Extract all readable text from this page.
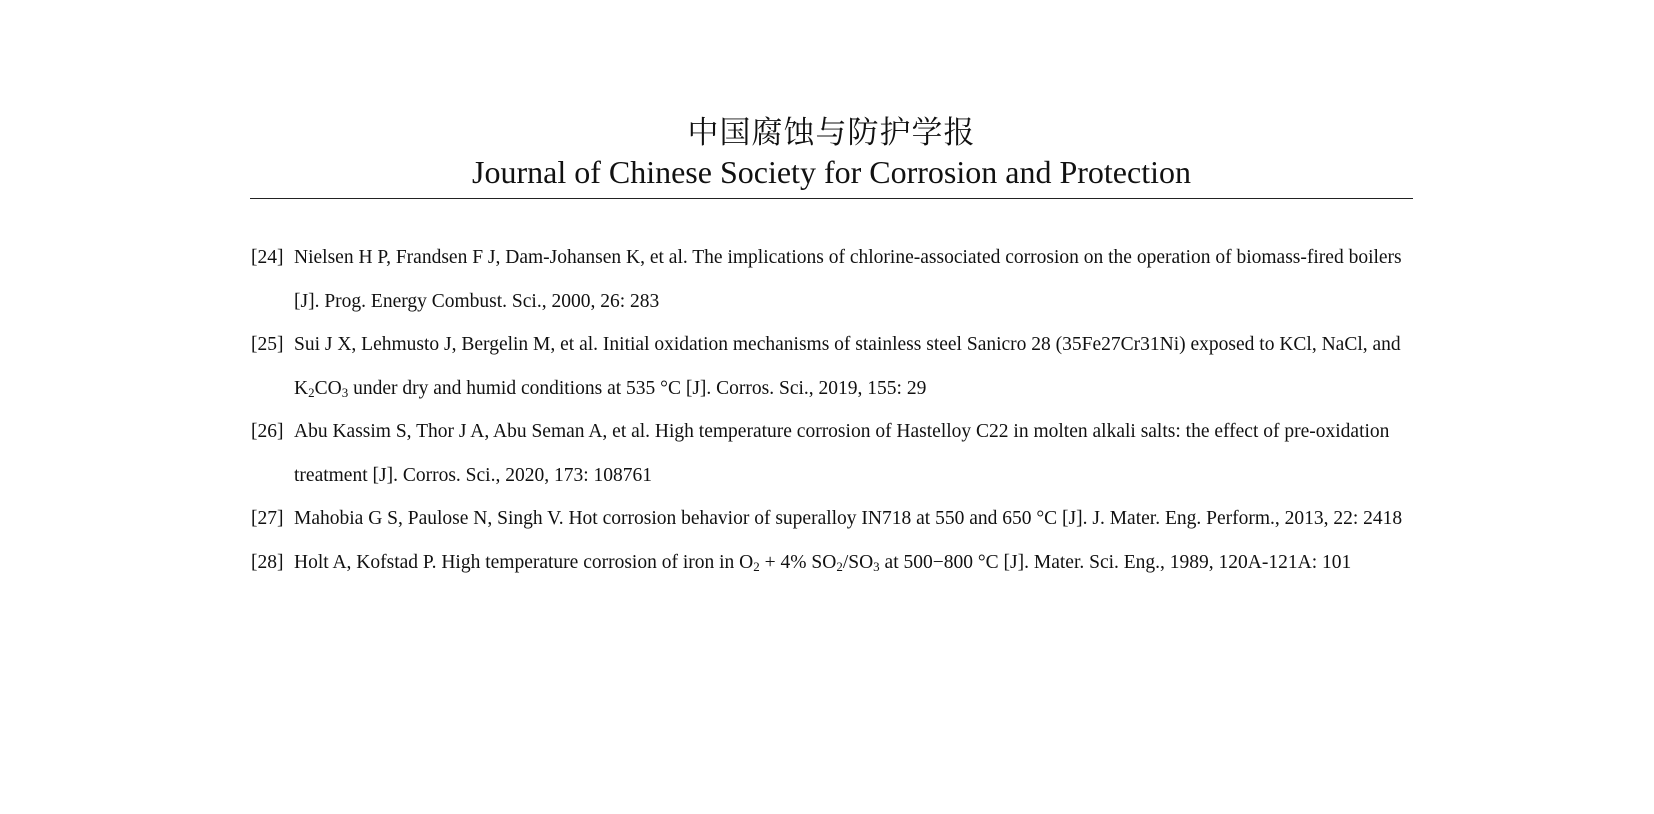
中国腐蚀与防护学报
Journal of Chinese Society for Corrosion and Protection
[24] Nielsen H P, Frandsen F J, Dam-Johansen K, et al. The implications of chlorine-associated corrosion on the operation of biomass-fired boilers [J]. Prog. Energy Combust. Sci., 2000, 26: 283
[25] Sui J X, Lehmusto J, Bergelin M, et al. Initial oxidation mechanisms of stainless steel Sanicro 28 (35Fe27Cr31Ni) exposed to KCl, NaCl, and $K_2CO_3$ under dry and humid conditions at 535 °C [J]. Corros. Sci., 2019, 155: 29
[26] Abu Kassim S, Thor J A, Abu Seman A, et al. High temperature corrosion of Hastelloy C22 in molten alkali salts: the effect of pre-oxidation treatment [J]. Corros. Sci., 2020, 173: 108761
[27] Mahobia G S, Paulose N, Singh V. Hot corrosion behavior of superalloy IN718 at 550 and 650 °C [J]. J. Mater. Eng. Perform., 2013, 22: 2418
[28] Holt A, Kofstad P. High temperature corrosion of iron in $O_2 + 4\%$ $SO_2/SO_3$ at 500−800 °C [J]. Mater. Sci. Eng., 1989, 120A-121A: 101
